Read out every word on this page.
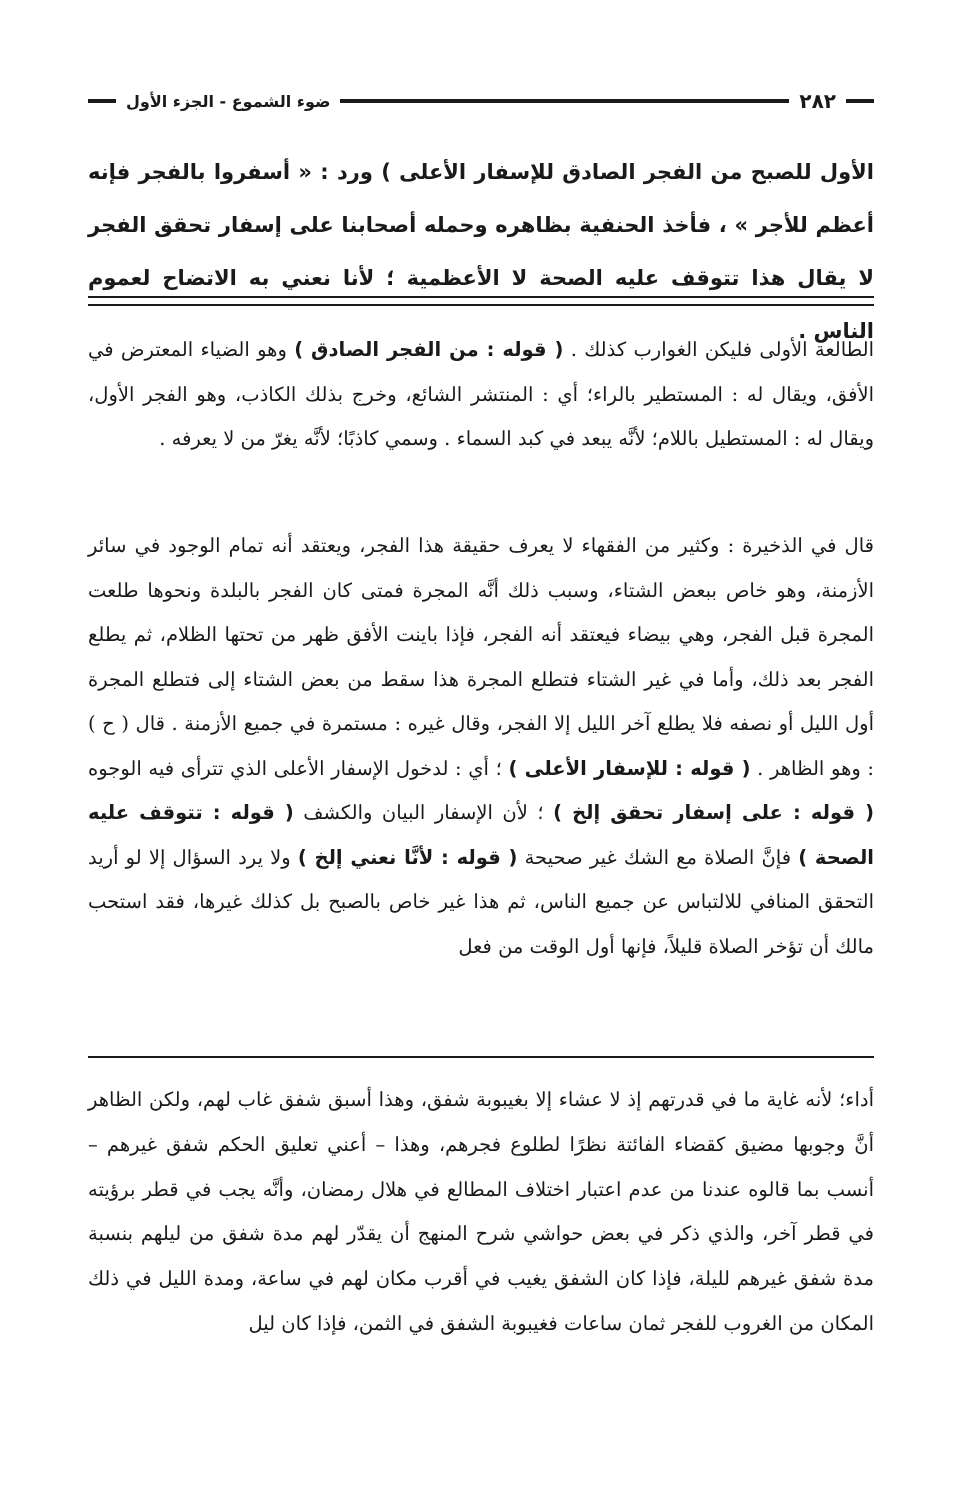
٢٨٢
ضوء الشموع - الجزء الأول
الأول للصبح من الفجر الصادق للإسفار الأعلى ) ورد : « أسفروا بالفجر فإنه أعظم للأجر » ، فأخذ الحنفية بظاهره وحمله أصحابنا على إسفار تحقق الفجر لا يقال هذا تتوقف عليه الصحة لا الأعظمية ؛ لأنا نعني به الاتضاح لعموم الناس .

الطالعة الأولى فليكن الغوارب كذلك . ( قوله : من الفجر الصادق ) وهو الضياء المعترض في الأفق، ويقال له : المستطير بالراء؛ أي : المنتشر الشائع، وخرج بذلك الكاذب، وهو الفجر الأول، ويقال له : المستطيل باللام؛ لأنَّه يبعد في كبد السماء . وسمي كاذبًا؛ لأنَّه يغرّ من لا يعرفه .

قال في الذخيرة : وكثير من الفقهاء لا يعرف حقيقة هذا الفجر، ويعتقد أنه تمام الوجود في سائر الأزمنة، وهو خاص ببعض الشتاء، وسبب ذلك أنَّه المجرة فمتى كان الفجر بالبلدة ونحوها طلعت المجرة قبل الفجر، وهي بيضاء فيعتقد أنه الفجر، فإذا باينت الأفق ظهر من تحتها الظلام، ثم يطلع الفجر بعد ذلك، وأما في غير الشتاء فتطلع المجرة هذا سقط من بعض الشتاء إلى فتطلع المجرة أول الليل أو نصفه فلا يطلع آخر الليل إلا الفجر، وقال غيره : مستمرة في جميع الأزمنة . قال ( ح ) : وهو الظاهر . ( قوله : للإسفار الأعلى ) ؛ أي : لدخول الإسفار الأعلى الذي تترأى فيه الوجوه ( قوله : على إسفار تحقق إلخ ) ؛ لأن الإسفار البيان والكشف ( قوله : تتوقف عليه الصحة ) فإنَّ الصلاة مع الشك غير صحيحة ( قوله : لأنَّا نعني إلخ ) ولا يرد السؤال إلا لو أريد التحقق المنافي للالتباس عن جميع الناس، ثم هذا غير خاص بالصبح بل كذلك غيرها، فقد استحب مالك أن تؤخر الصلاة قليلاً، فإنها أول الوقت من فعل

أداء؛ لأنه غاية ما في قدرتهم إذ لا عشاء إلا بغيبوبة شفق، وهذا أسبق شفق غاب لهم، ولكن الظاهر أنَّ وجوبها مضيق كقضاء الفائتة نظرًا لطلوع فجرهم، وهذا – أعني تعليق الحكم شفق غيرهم – أنسب بما قالوه عندنا من عدم اعتبار اختلاف المطالع في هلال رمضان، وأنَّه يجب في قطر برؤيته في قطر آخر، والذي ذكر في بعض حواشي شرح المنهج أن يقدّر لهم مدة شفق من ليلهم بنسبة مدة شفق غيرهم لليلة، فإذا كان الشفق يغيب في أقرب مكان لهم في ساعة، ومدة الليل في ذلك المكان من الغروب للفجر ثمان ساعات فغيبوبة الشفق في الثمن، فإذا كان ليل
